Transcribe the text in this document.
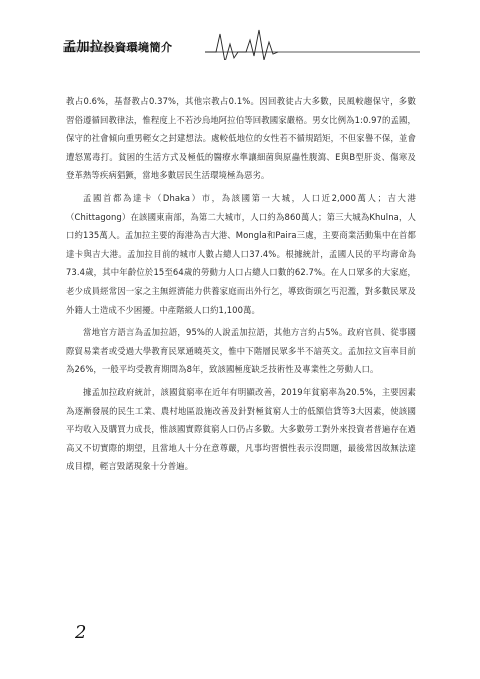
孟加拉投資環境簡介

教占0.6%，基督教占0.37%，其他宗教占0.1%。因回教徒占大多數，民風較趨保守，多數習俗遵循回教律法，惟程度上不若沙烏地阿拉伯等回教國家嚴格。男女比例為1:0.97的孟國，保守的社會傾向重男輕女之封建想法。處較低地位的女性若不循規蹈矩，不但家譽不保，並會遭怒罵毒打。貧困的生活方式及極低的醫療水準讓細菌與原蟲性腹瀉、E與B型肝炎、傷寒及登革熱等疾病猖獗，當地多數居民生活環境極為惡劣。

孟國首都為達卡（Dhaka）市，為該國第一大城，人口近2,000萬人；吉大港（Chittagong）在該國東南部，為第二大城市，人口約為860萬人；第三大城為Khulna，人口約135萬人。孟加拉主要的海港為吉大港、Mongla和Paira三處，主要商業活動集中在首都達卡與吉大港。孟加拉目前的城市人數占總人口37.4%。根據統計，孟國人民的平均壽命為73.4歲，其中年齡位於15至64歲的勞動力人口占總人口數的62.7%。在人口眾多的大家庭，老少成員經常因一家之主無經濟能力供養家庭而出外行乞，導致街頭乞丐氾濫，對多數民眾及外籍人士造成不少困擾。中產階級人口約1,100萬。

當地官方語言為孟加拉語，95%的人說孟加拉語，其他方言約占5%。政府官員、從事國際貿易業者或受過大學教育民眾通曉英文，惟中下階層民眾多半不諳英文。孟加拉文盲率目前為26%，一般平均受教育期間為8年，致該國極度缺乏技術性及專業性之勞動人口。

據孟加拉政府統計，該國貧窮率在近年有明顯改善，2019年貧窮率為20.5%，主要因素為逐漸發展的民生工業、農村地區設施改善及針對極貧窮人士的低額信貸等3大因素，使該國平均收入及購買力成長，惟該國實際貧窮人口仍占多數。大多數勞工對外來投資者普遍存在過高又不切實際的期望，且當地人十分在意尊嚴，凡事均習慣性表示沒問題，最後常因故無法達成目標，輕言毀諾現象十分普遍。

2
